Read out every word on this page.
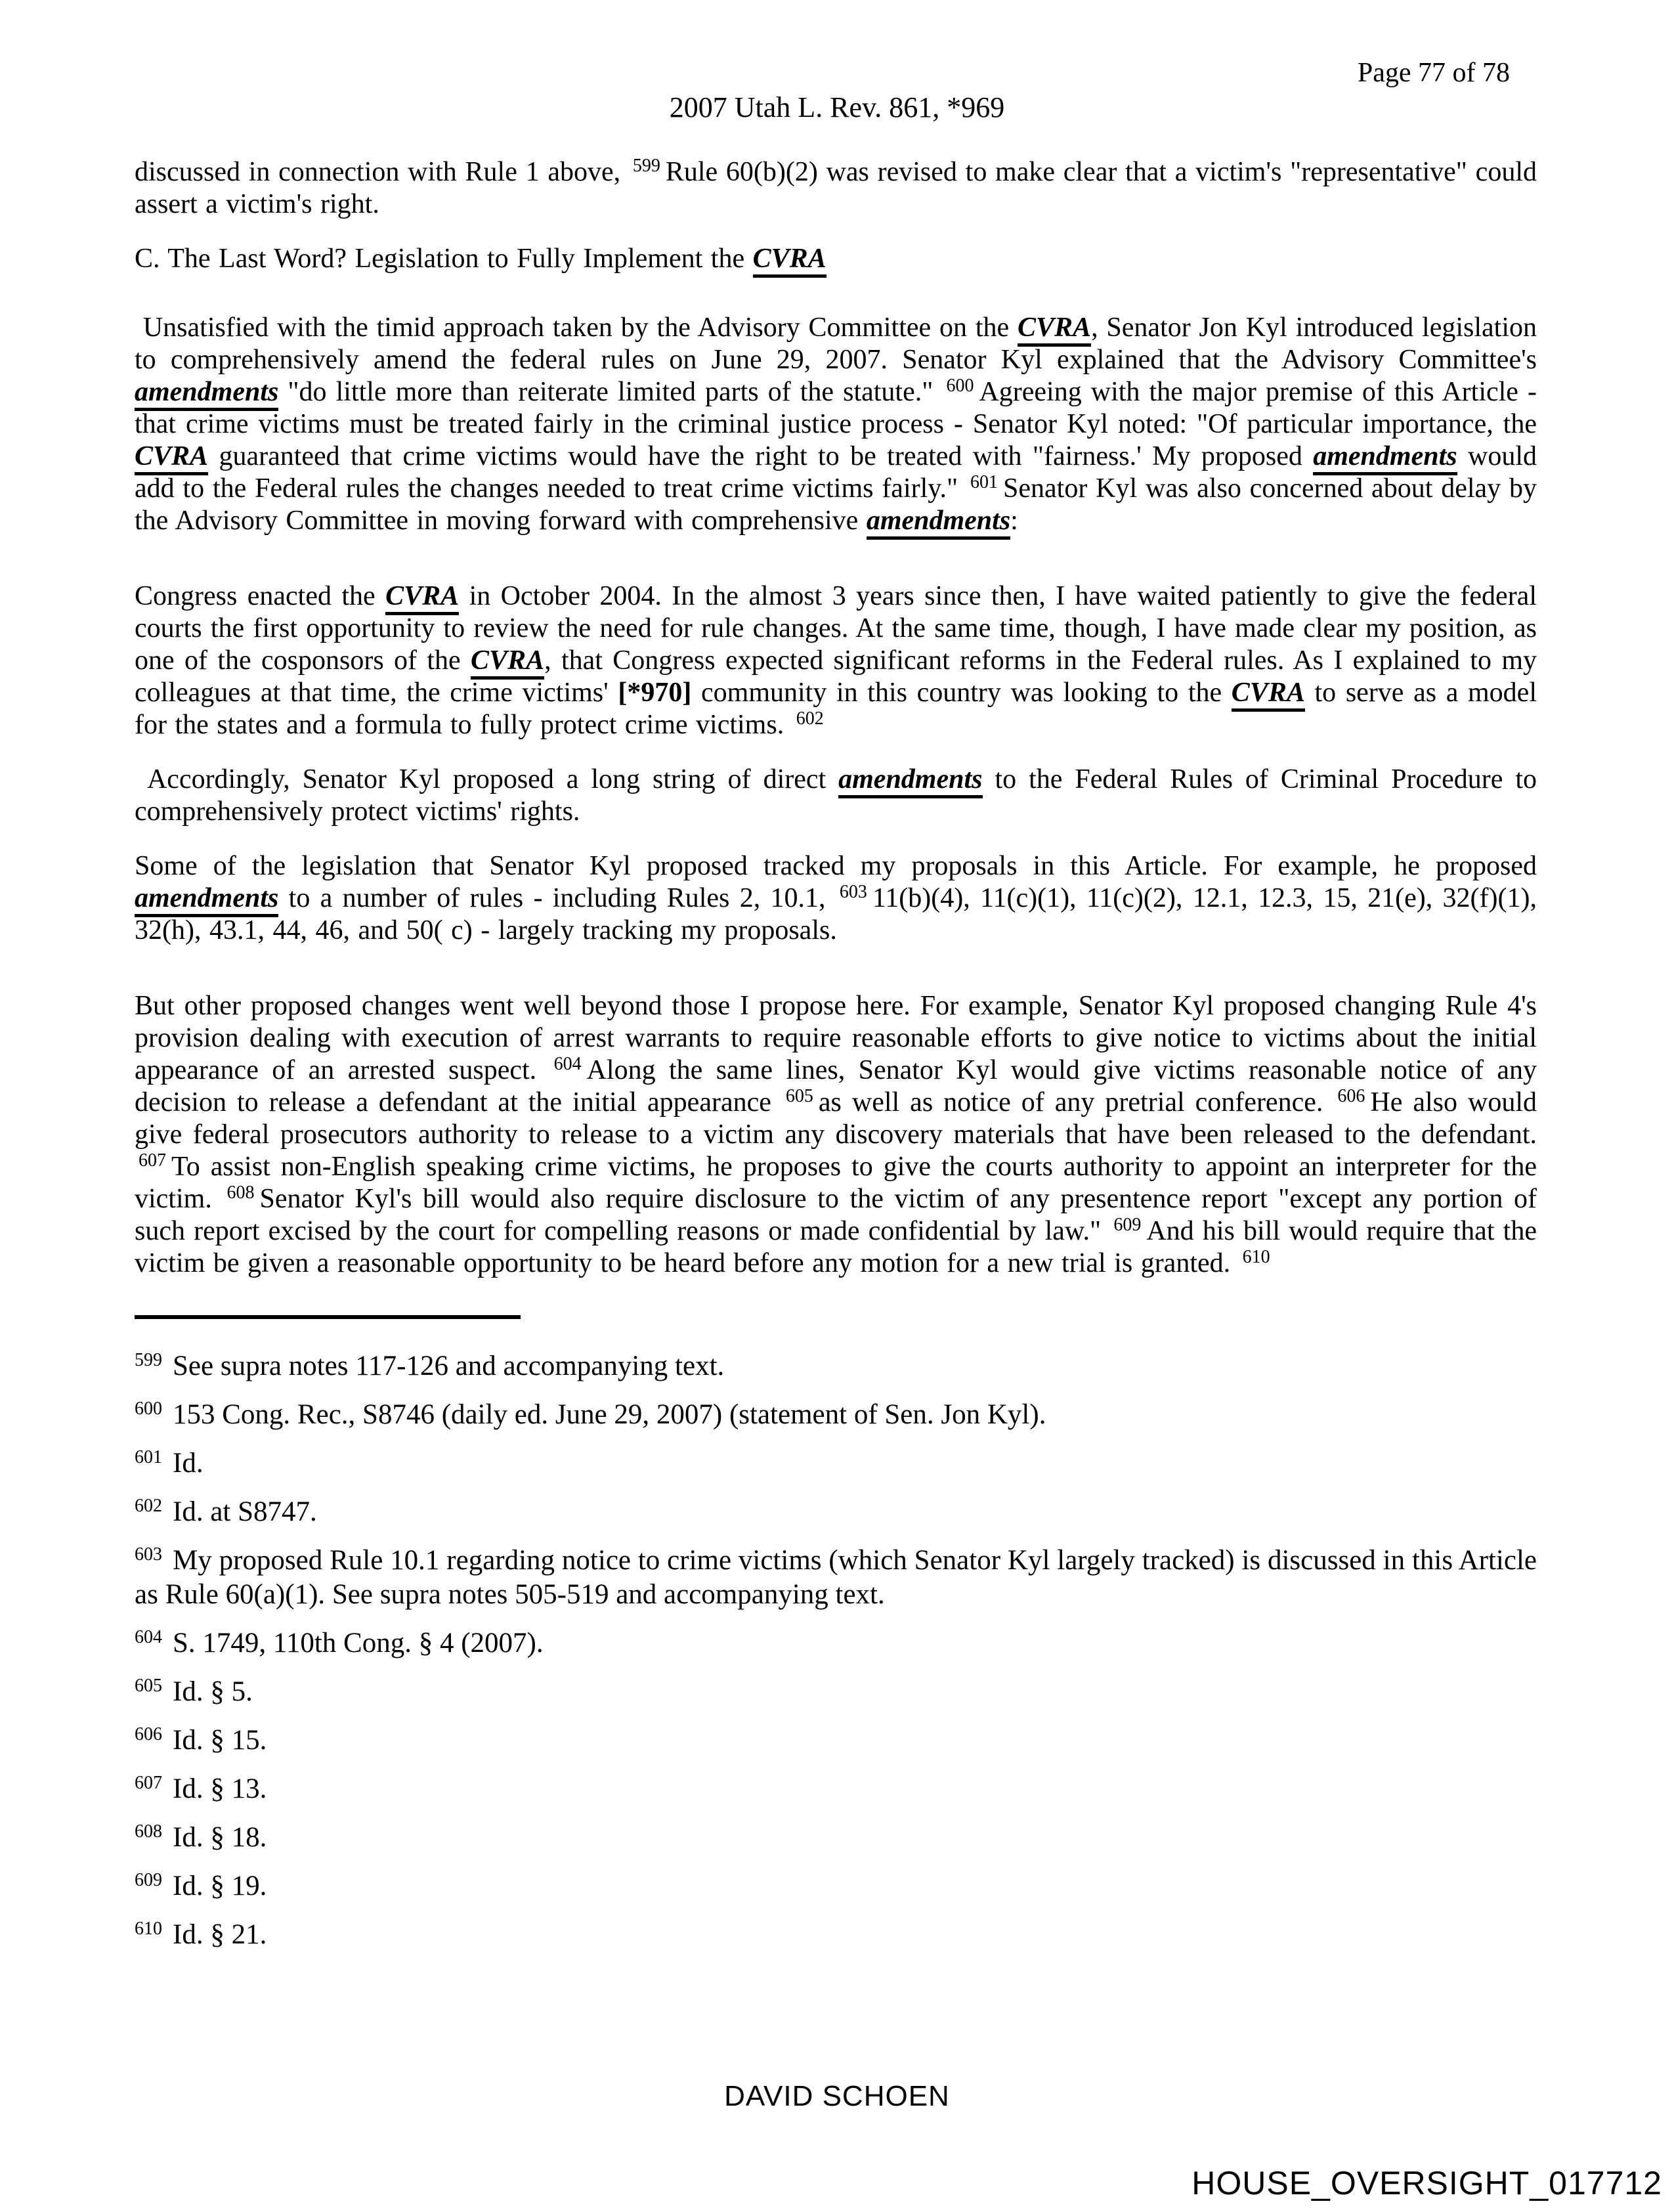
Page 77 of 78
2007 Utah L. Rev. 861, *969
discussed in connection with Rule 1 above, $^{599}$ Rule 60(b)(2) was revised to make clear that a victim's "representative" could assert a victim's right.
C. The Last Word? Legislation to Fully Implement the CVRA
Unsatisfied with the timid approach taken by the Advisory Committee on the CVRA, Senator Jon Kyl introduced legislation to comprehensively amend the federal rules on June 29, 2007. Senator Kyl explained that the Advisory Committee's amendments "do little more than reiterate limited parts of the statute." $^{600}$ Agreeing with the major premise of this Article - that crime victims must be treated fairly in the criminal justice process - Senator Kyl noted: "Of particular importance, the CVRA guaranteed that crime victims would have the right to be treated with "fairness.' My proposed amendments would add to the Federal rules the changes needed to treat crime victims fairly." $^{601}$ Senator Kyl was also concerned about delay by the Advisory Committee in moving forward with comprehensive amendments:
Congress enacted the CVRA in October 2004. In the almost 3 years since then, I have waited patiently to give the federal courts the first opportunity to review the need for rule changes. At the same time, though, I have made clear my position, as one of the cosponsors of the CVRA, that Congress expected significant reforms in the Federal rules. As I explained to my colleagues at that time, the crime victims' [*970] community in this country was looking to the CVRA to serve as a model for the states and a formula to fully protect crime victims. $^{602}$
Accordingly, Senator Kyl proposed a long string of direct amendments to the Federal Rules of Criminal Procedure to comprehensively protect victims' rights.
Some of the legislation that Senator Kyl proposed tracked my proposals in this Article. For example, he proposed amendments to a number of rules - including Rules 2, 10.1, $^{603}$ 11(b)(4), 11(c)(1), 11(c)(2), 12.1, 12.3, 15, 21(e), 32(f)(1), 32(h), 43.1, 44, 46, and 50( c) - largely tracking my proposals.
But other proposed changes went well beyond those I propose here. For example, Senator Kyl proposed changing Rule 4's provision dealing with execution of arrest warrants to require reasonable efforts to give notice to victims about the initial appearance of an arrested suspect. $^{604}$ Along the same lines, Senator Kyl would give victims reasonable notice of any decision to release a defendant at the initial appearance $^{605}$ as well as notice of any pretrial conference. $^{606}$ He also would give federal prosecutors authority to release to a victim any discovery materials that have been released to the defendant. $^{607}$ To assist non-English speaking crime victims, he proposes to give the courts authority to appoint an interpreter for the victim. $^{608}$ Senator Kyl's bill would also require disclosure to the victim of any presentence report "except any portion of such report excised by the court for compelling reasons or made confidential by law." $^{609}$ And his bill would require that the victim be given a reasonable opportunity to be heard before any motion for a new trial is granted. $^{610}$
$^{599}$ See supra notes 117-126 and accompanying text.
$^{600}$ 153 Cong. Rec., S8746 (daily ed. June 29, 2007) (statement of Sen. Jon Kyl).
$^{601}$ Id.
$^{602}$ Id. at S8747.
$^{603}$ My proposed Rule 10.1 regarding notice to crime victims (which Senator Kyl largely tracked) is discussed in this Article as Rule 60(a)(1). See supra notes 505-519 and accompanying text.
$^{604}$ S. 1749, 110th Cong. § 4 (2007).
$^{605}$ Id. § 5.
$^{606}$ Id. § 15.
$^{607}$ Id. § 13.
$^{608}$ Id. § 18.
$^{609}$ Id. § 19.
$^{610}$ Id. § 21.
DAVID SCHOEN
HOUSE_OVERSIGHT_017712
